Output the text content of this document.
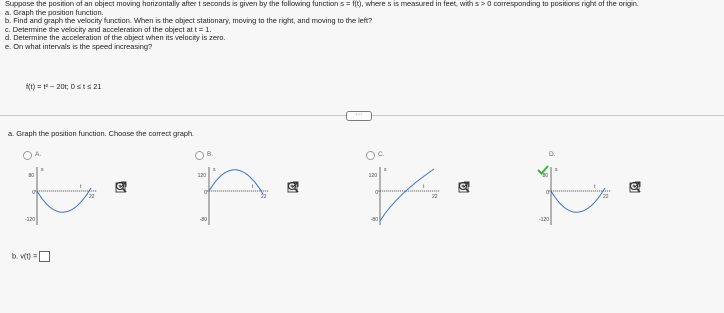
Suppose the position of an object moving horizontally after t seconds is given by the following function s = f(t), where s is measured in feet, with s > 0 corresponding to positions right of the origin.
a. Graph the position function.
b. Find and graph the velocity function. When is the object stationary, moving to the right, and moving to the left?
c. Determine the velocity and acceleration of the object at t = 1.
d. Determine the acceleration of the object when its velocity is zero.
e. On what intervals is the speed increasing?
f(t) = t² − 20t; 0 ≤ t ≤ 21
···
a. Graph the position function. Choose the correct graph.
A.
s
80
0
-120
t
22
B.
s
120
0
-80
t
22
C.
s
120
0
-80
t
22
D.
s
80
0
-120
t
22
b. v(t) =
